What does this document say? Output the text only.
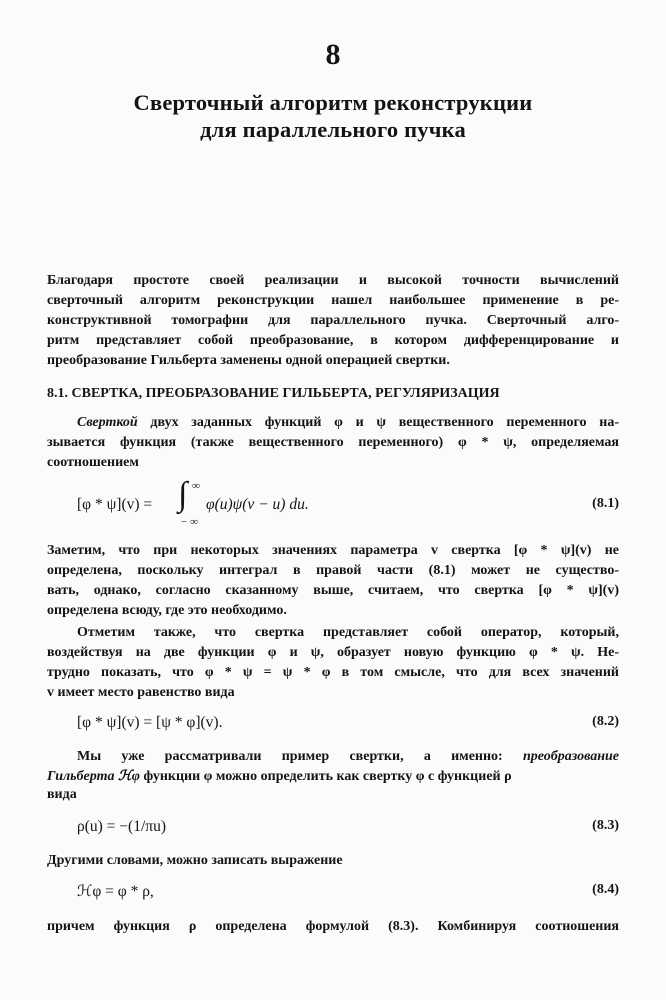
8
Сверточный алгоритм реконструкции
для параллельного пучка
Благодаря простоте своей реализации и высокой точности вычислений
сверточный алгоритм реконструкции нашел наибольшее применение в ре-
конструктивной томографии для параллельного пучка. Сверточный алго-
ритм представляет собой преобразование, в котором дифференцирование и
преобразование Гильберта заменены одной операцией свертки.
8.1. СВЕРТКА, ПРЕОБРАЗОВАНИЕ ГИЛЬБЕРТА, РЕГУЛЯРИЗАЦИЯ
Сверткой двух заданных функций φ и ψ вещественного переменного на-
зывается функция (также вещественного переменного) φ * ψ, определяемая
соотношением
[φ * ψ](v) = ∫ ∞
− ∞
φ(u)ψ(v − u) du.	(8.1)
Заметим, что при некоторых значениях параметра v свертка [φ * ψ](v) не
определена, поскольку интеграл в правой части (8.1) может не существо-
вать, однако, согласно сказанному выше, считаем, что свертка [φ * ψ](v)
определена всюду, где это необходимо.
Отметим также, что свертка представляет собой оператор, который,
воздействуя на две функции φ и ψ, образует новую функцию φ * ψ. Не-
трудно показать, что φ * ψ = ψ * φ в том смысле, что для всех значений
v имеет место равенство вида
[φ * ψ](v) = [ψ * φ](v).	(8.2)
Мы уже рассматривали пример свертки, а именно: преобразование
Гильберта ℋφ функции φ можно определить как свертку φ с функцией ρ
вида
ρ(u) = −(1/πu)	(8.3)
Другими словами, можно записать выражение
ℋφ = φ * ρ,	(8.4)
причем функция ρ определена формулой (8.3). Комбинируя соотношения
